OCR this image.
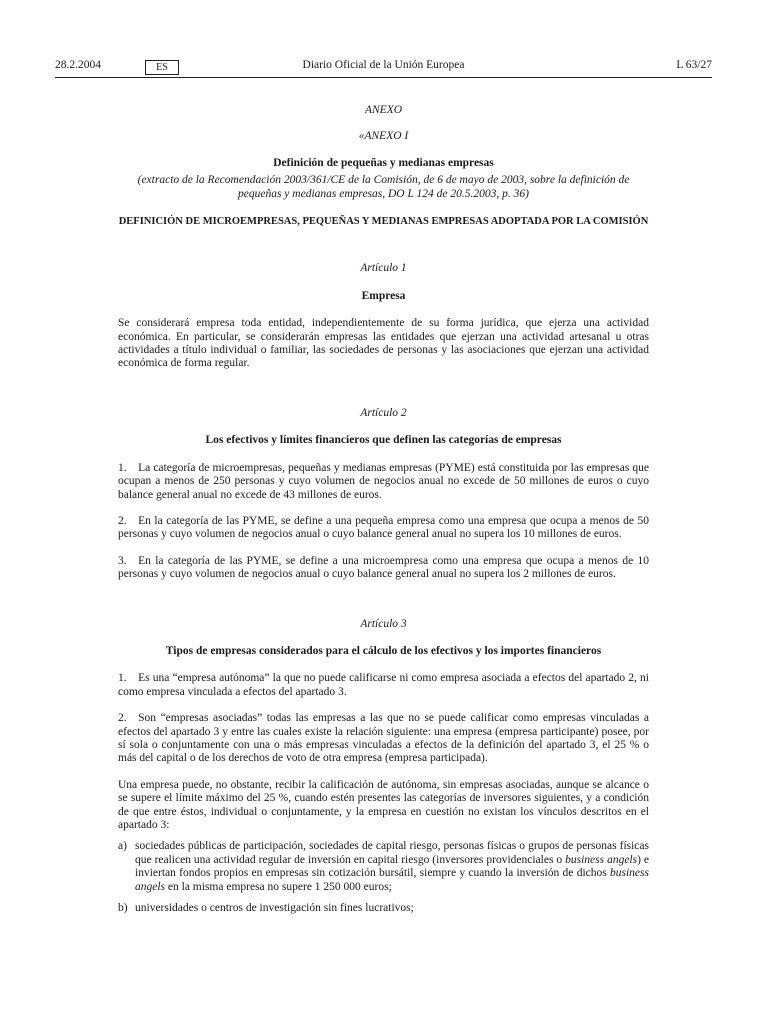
28.2.2004	ES	Diario Oficial de la Unión Europea	L 63/27
ANEXO
«ANEXO I
Definición de pequeñas y medianas empresas
(extracto de la Recomendación 2003/361/CE de la Comisión, de 6 de mayo de 2003, sobre la definición de pequeñas y medianas empresas, DO L 124 de 20.5.2003, p. 36)
DEFINICIÓN DE MICROEMPRESAS, PEQUEÑAS Y MEDIANAS EMPRESAS ADOPTADA POR LA COMISIÓN
Artículo 1
Empresa

Se considerará empresa toda entidad, independientemente de su forma jurídica, que ejerza una actividad económica. En particular, se considerarán empresas las entidades que ejerzan una actividad artesanal u otras actividades a título individual o familiar, las sociedades de personas y las asociaciones que ejerzan una actividad económica de forma regular.

Artículo 2
Los efectivos y límites financieros que definen las categorías de empresas

1. La categoría de microempresas, pequeñas y medianas empresas (PYME) está constituida por las empresas que ocupan a menos de 250 personas y cuyo volumen de negocios anual no excede de 50 millones de euros o cuyo balance general anual no excede de 43 millones de euros.

2. En la categoría de las PYME, se define a una pequeña empresa como una empresa que ocupa a menos de 50 personas y cuyo volumen de negocios anual o cuyo balance general anual no supera los 10 millones de euros.

3. En la categoría de las PYME, se define a una microempresa como una empresa que ocupa a menos de 10 personas y cuyo volumen de negocios anual o cuyo balance general anual no supera los 2 millones de euros.

Artículo 3
Tipos de empresas considerados para el cálculo de los efectivos y los importes financieros

1. Es una “empresa autónoma” la que no puede calificarse ni como empresa asociada a efectos del apartado 2, ni como empresa vinculada a efectos del apartado 3.

2. Son “empresas asociadas” todas las empresas a las que no se puede calificar como empresas vinculadas a efectos del apartado 3 y entre las cuales existe la relación siguiente: una empresa (empresa participante) posee, por sí sola o conjuntamente con una o más empresas vinculadas a efectos de la definición del apartado 3, el 25 % o más del capital o de los derechos de voto de otra empresa (empresa participada).

Una empresa puede, no obstante, recibir la calificación de autónoma, sin empresas asociadas, aunque se alcance o se supere el límite máximo del 25 %, cuando estén presentes las categorías de inversores siguientes, y a condición de que entre éstos, individual o conjuntamente, y la empresa en cuestión no existan los vínculos descritos en el apartado 3:

a) sociedades públicas de participación, sociedades de capital riesgo, personas físicas o grupos de personas físicas que realicen una actividad regular de inversión en capital riesgo (inversores providenciales o business angels) e inviertan fondos propios en empresas sin cotización bursátil, siempre y cuando la inversión de dichos business angels en la misma empresa no supere 1 250 000 euros;
b) universidades o centros de investigación sin fines lucrativos;
